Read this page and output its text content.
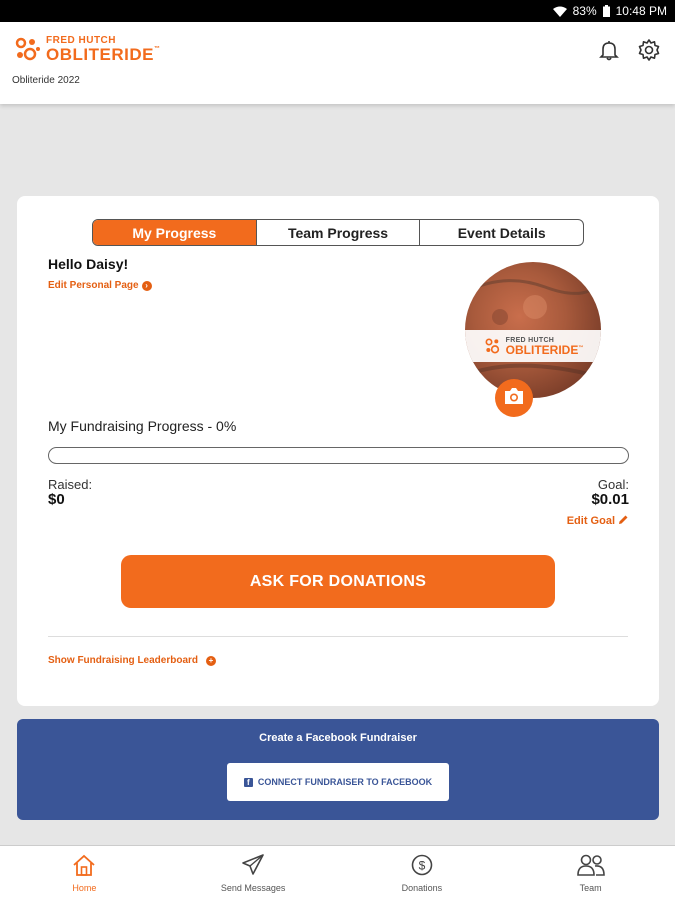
83% 10:48 PM
FRED HUTCH
OBLITERIDE™
Obliteride 2022
My Progress	Team Progress	Event Details
Hello Daisy!
Edit Personal Page ›
FRED HUTCH
OBLITERIDE™
My Fundraising Progress - 0%
Raised:
$0
Goal:
$0.01
Edit Goal
ASK FOR DONATIONS
Show Fundraising Leaderboard	+
Create a Facebook Fundraiser
f CONNECT FUNDRAISER TO FACEBOOK
Home	Send Messages
$
Donations	Team
